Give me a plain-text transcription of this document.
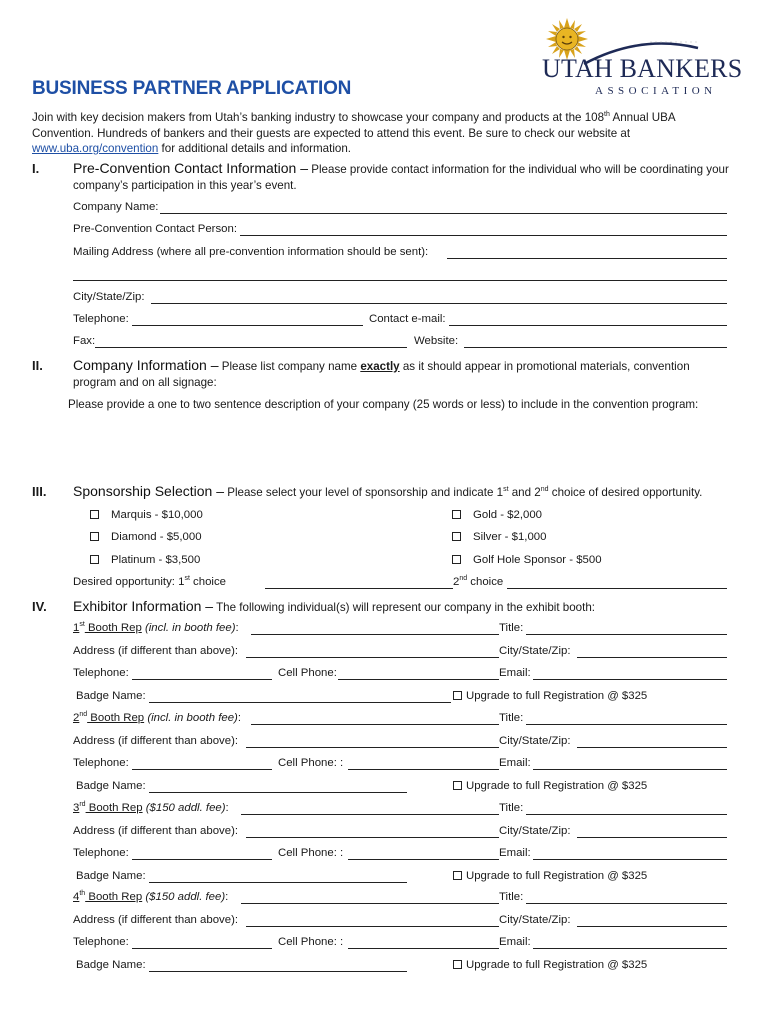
UTAH BANKERS
ASSOCIATION
BUSINESS PARTNER APPLICATION
Join with key decision makers from Utah’s banking industry to showcase your company and products at the 108th Annual UBA Convention. Hundreds of bankers and their guests are expected to attend this event. Be sure to check our website at www.uba.org/convention for additional details and information.
I. Pre-Convention Contact Information – Please provide contact information for the individual who will be coordinating your company’s participation in this year’s event.
Company Name:
Pre-Convention Contact Person:
Mailing Address (where all pre-convention information should be sent):
City/State/Zip:
Telephone:	Contact e-mail:
Fax:	Website:
II. Company Information – Please list company name exactly as it should appear in promotional materials, convention program and on all signage:
Please provide a one to two sentence description of your company (25 words or less) to include in the convention program:
III. Sponsorship Selection – Please select your level of sponsorship and indicate 1st and 2nd choice of desired opportunity.
Marquis - $10,000	Gold - $2,000
Diamond - $5,000	Silver - $1,000
Platinum - $3,500	Golf Hole Sponsor - $500
Desired opportunity: 1st choice	2nd choice
IV. Exhibitor Information – The following individual(s) will represent our company in the exhibit booth:
1st Booth Rep (incl. in booth fee):	Title:
Address (if different than above):	City/State/Zip:
Telephone:	Cell Phone:	Email:
Badge Name:	Upgrade to full Registration @ $325
2nd Booth Rep (incl. in booth fee):	Title:
Address (if different than above):	City/State/Zip:
Telephone:	Cell Phone: :	Email:
Badge Name:	Upgrade to full Registration @ $325
3rd Booth Rep ($150 addl. fee):	Title:
Address (if different than above):	City/State/Zip:
Telephone:	Cell Phone: :	Email:
Badge Name:	Upgrade to full Registration @ $325
4th Booth Rep ($150 addl. fee):	Title:
Address (if different than above):	City/State/Zip:
Telephone:	Cell Phone: :	Email:
Badge Name:	Upgrade to full Registration @ $325
